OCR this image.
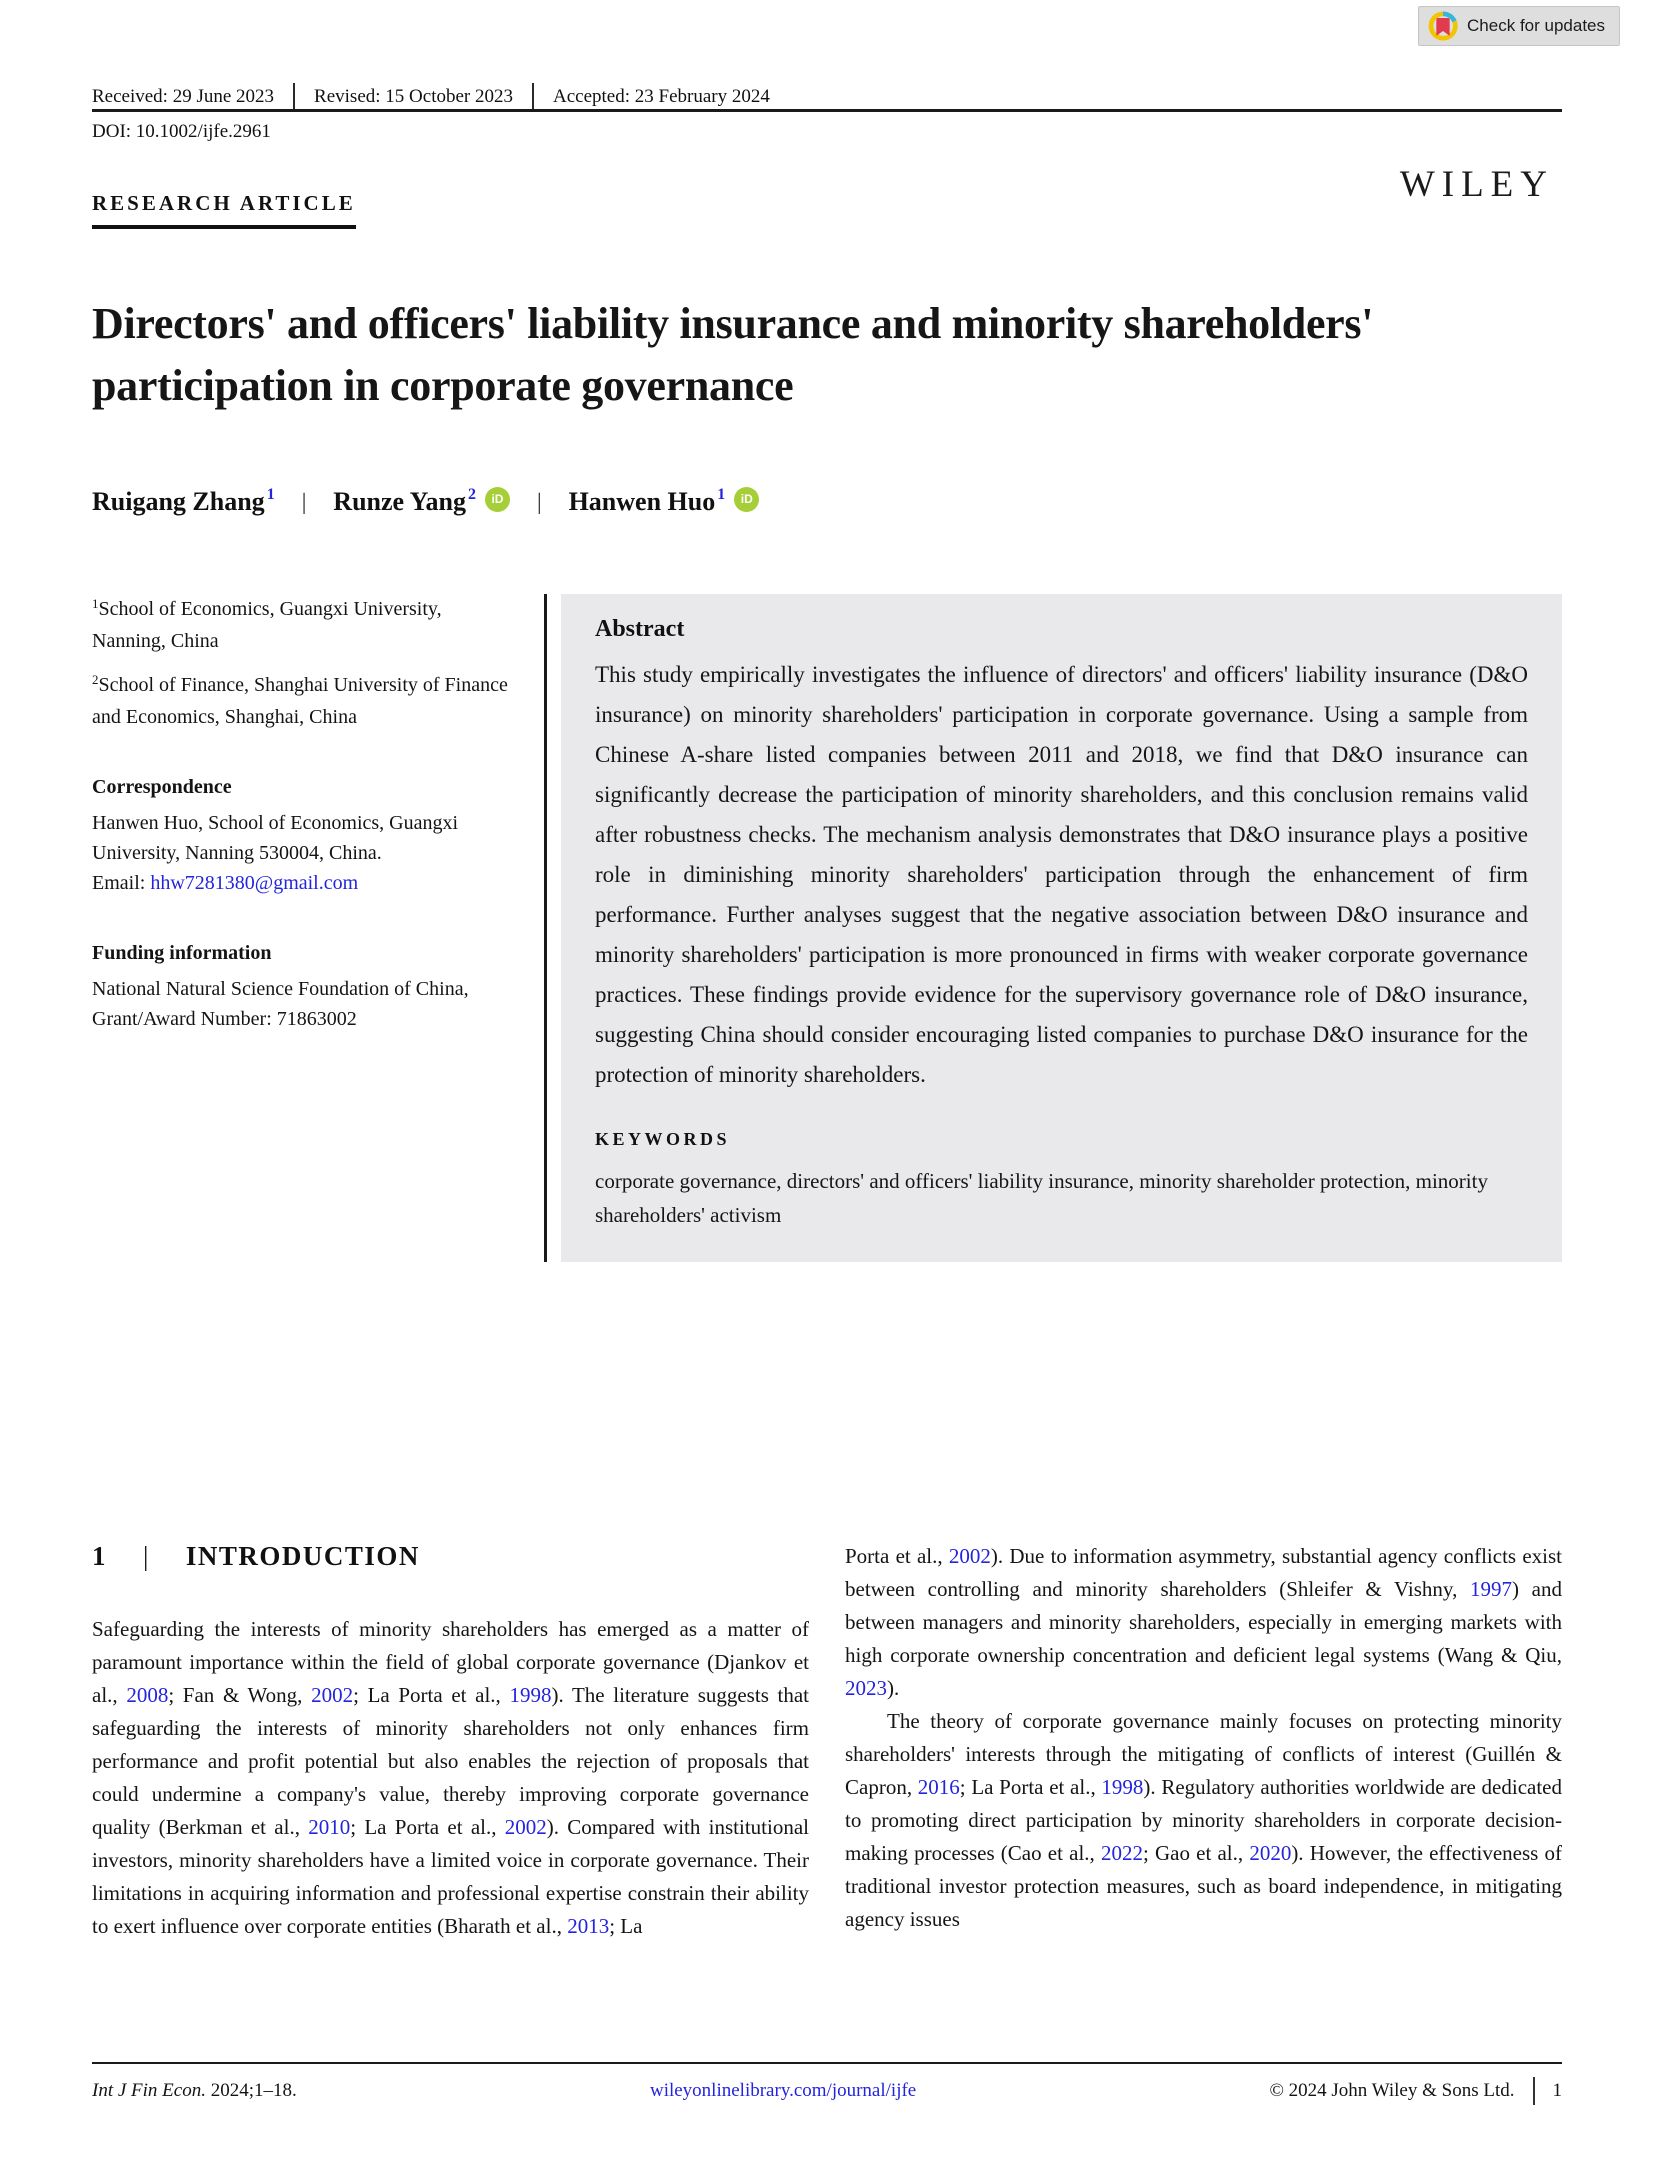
Check for updates
Received: 29 June 2023 Revised: 15 October 2023 Accepted: 23 February 2024
DOI: 10.1002/ijfe.2961
RESEARCH ARTICLE	WILEY
Directors' and officers' liability insurance and minority shareholders' participation in corporate governance
Ruigang Zhang $^1$ | Runze Yang $^2$	iD | Hanwen Huo $^1$	iD

$^1$School of Economics, Guangxi University, Nanning, China

$^2$School of Finance, Shanghai University of Finance and Economics, Shanghai, China

Correspondence

Hanwen Huo, School of Economics, Guangxi University, Nanning 530004, China.

Email: hhw7281380@gmail.com

Funding information

National Natural Science Foundation of China, Grant/Award Number: 71863002

Abstract

This study empirically investigates the influence of directors' and officers' liability insurance (D&O insurance) on minority shareholders' participation in corporate governance. Using a sample from Chinese A-share listed companies between 2011 and 2018, we find that D&O insurance can significantly decrease the participation of minority shareholders, and this conclusion remains valid after robustness checks. The mechanism analysis demonstrates that D&O insurance plays a positive role in diminishing minority shareholders' participation through the enhancement of firm performance. Further analyses suggest that the negative association between D&O insurance and minority shareholders' participation is more pronounced in firms with weaker corporate governance practices. These findings provide evidence for the supervisory governance role of D&O insurance, suggesting China should consider encouraging listed companies to purchase D&O insurance for the protection of minority shareholders.

KEYWORDS

corporate governance, directors' and officers' liability insurance, minority shareholder protection, minority shareholders' activism

1 | INTRODUCTION

Safeguarding the interests of minority shareholders has emerged as a matter of paramount importance within the field of global corporate governance (Djankov et al., 2008; Fan & Wong, 2002; La Porta et al., 1998). The literature suggests that safeguarding the interests of minority shareholders not only enhances firm performance and profit potential but also enables the rejection of proposals that could undermine a company's value, thereby improving corporate governance quality (Berkman et al., 2010; La Porta et al., 2002). Compared with institutional investors, minority shareholders have a limited voice in corporate governance. Their limitations in acquiring information and professional expertise constrain their ability to exert influence over corporate entities (Bharath et al., 2013; La

Porta et al., 2002). Due to information asymmetry, substantial agency conflicts exist between controlling and minority shareholders (Shleifer & Vishny, 1997) and between managers and minority shareholders, especially in emerging markets with high corporate ownership concentration and deficient legal systems (Wang & Qiu, 2023).

The theory of corporate governance mainly focuses on protecting minority shareholders' interests through the mitigating of conflicts of interest (Guillén & Capron, 2016; La Porta et al., 1998). Regulatory authorities worldwide are dedicated to promoting direct participation by minority shareholders in corporate decision-making processes (Cao et al., 2022; Gao et al., 2020). However, the effectiveness of traditional investor protection measures, such as board independence, in mitigating agency issues

Int J Fin Econ. 2024;1–18.	wileyonlinelibrary.com/journal/ijfe	© 2024 John Wiley & Sons Ltd. 1
